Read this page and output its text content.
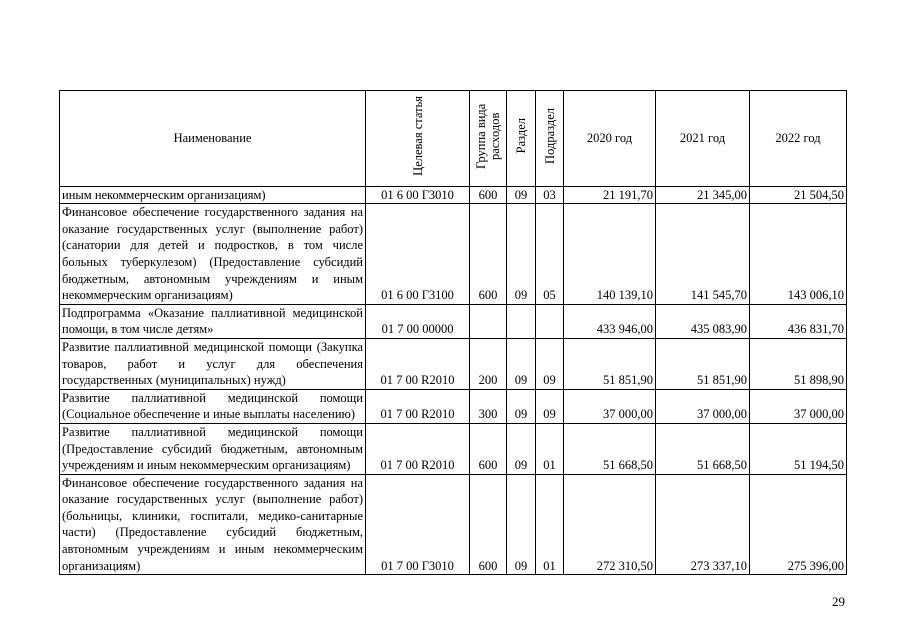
Наименование	Целевая статья	Группа вида расходов	Раздел	Подраздел	2020 год	2021 год	2022 год
иным некоммерческим организациям)	01 6 00 Г3010	600	09	03	21 191,70	21 345,00	21 504,50
Финансовое обеспечение государственного задания на оказание государственных услуг (выполнение работ) (санатории для детей и подростков, в том числе больных туберкулезом) (Предоставление субсидий бюджетным, автономным учреждениям и иным некоммерческим организациям)	01 6 00 Г3100	600	09	05	140 139,10	141 545,70	143 006,10
Подпрограмма «Оказание паллиативной медицинской помощи, в том числе детям»	01 7 00 00000				433 946,00	435 083,90	436 831,70
Развитие паллиативной медицинской помощи (Закупка товаров, работ и услуг для обеспечения государственных (муниципальных) нужд)	01 7 00 R2010	200	09	09	51 851,90	51 851,90	51 898,90
Развитие паллиативной медицинской помощи (Социальное обеспечение и иные выплаты населению)	01 7 00 R2010	300	09	09	37 000,00	37 000,00	37 000,00
Развитие паллиативной медицинской помощи (Предоставление субсидий бюджетным, автономным учреждениям и иным некоммерческим организациям)	01 7 00 R2010	600	09	01	51 668,50	51 668,50	51 194,50
Финансовое обеспечение государственного задания на оказание государственных услуг (выполнение работ) (больницы, клиники, госпитали, медико-санитарные части) (Предоставление субсидий бюджетным, автономным учреждениям и иным некоммерческим организациям)	01 7 00 Г3010	600	09	01	272 310,50	273 337,10	275 396,00
29
